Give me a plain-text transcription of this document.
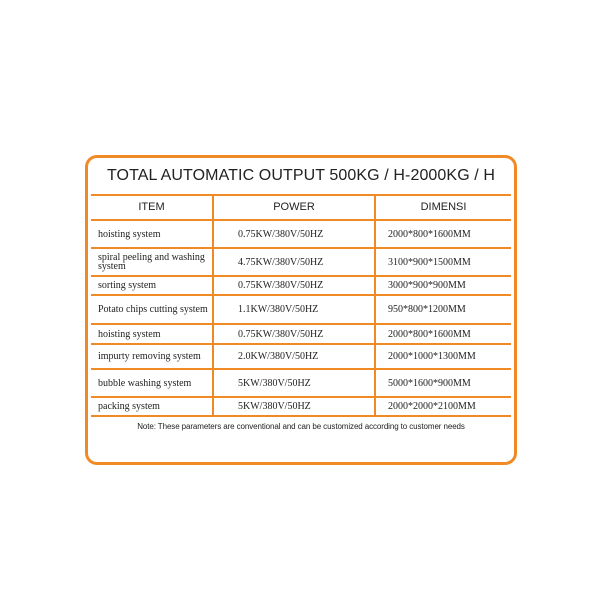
TOTAL AUTOMATIC OUTPUT 500KG / H-2000KG / H
ITEM	POWER	DIMENSI
hoisting system	0.75KW/380V/50HZ	2000*800*1600MM
spiral peeling and washing system	4.75KW/380V/50HZ	3100*900*1500MM
sorting system	0.75KW/380V/50HZ	3000*900*900MM
Potato chips cutting system	1.1KW/380V/50HZ	950*800*1200MM
hoisting system	0.75KW/380V/50HZ	2000*800*1600MM
impurty removing system	2.0KW/380V/50HZ	2000*1000*1300MM
bubble washing system	5KW/380V/50HZ	5000*1600*900MM
packing system	5KW/380V/50HZ	2000*2000*2100MM
Note: These parameters are conventional and can be customized according to customer needs		
